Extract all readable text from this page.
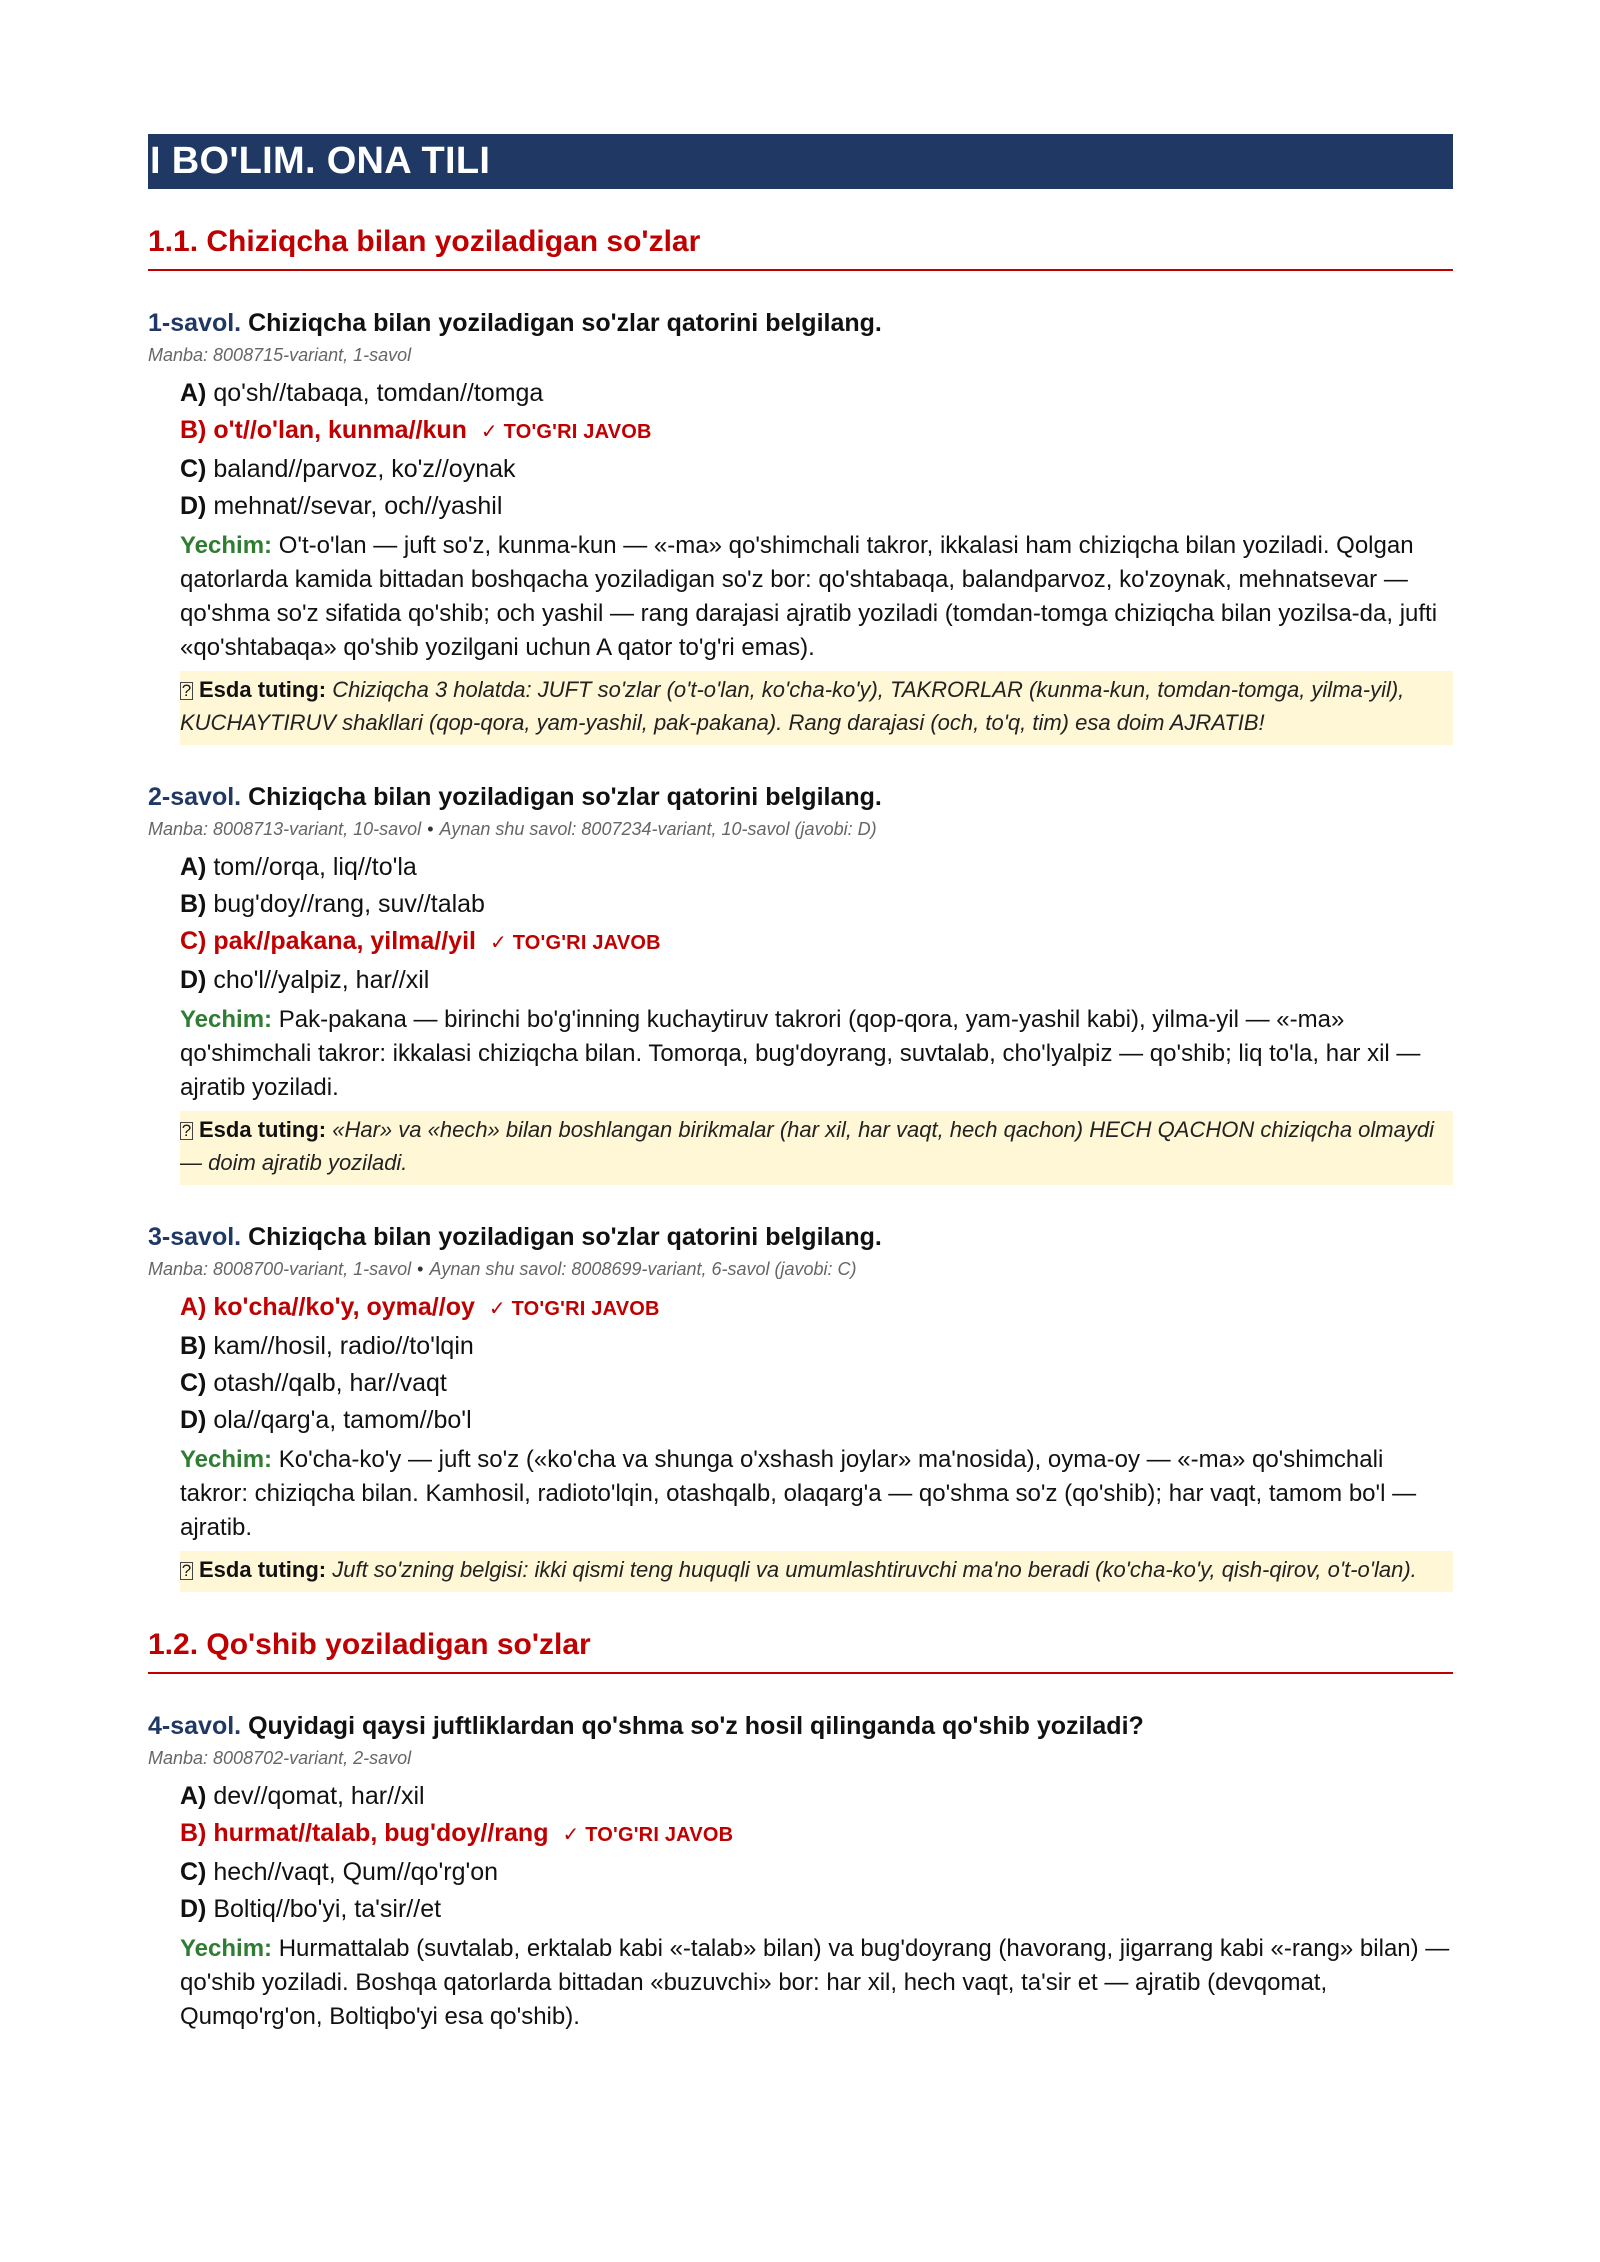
I BO'LIM. ONA TILI
1.1. Chiziqcha bilan yoziladigan so'zlar
1-savol. Chiziqcha bilan yoziladigan so'zlar qatorini belgilang.
Manba: 8008715-variant, 1-savol
A) qo'sh//tabaqa, tomdan//tomga
B) o't//o'lan, kunma//kun ✓ TO'G'RI JAVOB
C) baland//parvoz, ko'z//oynak
D) mehnat//sevar, och//yashil
Yechim: O't-o'lan — juft so'z, kunma-kun — «-ma» qo'shimchali takror, ikkalasi ham chiziqcha bilan yoziladi. Qolgan qatorlarda kamida bittadan boshqacha yoziladigan so'z bor: qo'shtabaqa, balandparvoz, ko'zoynak, mehnatsevar — qo'shma so'z sifatida qo'shib; och yashil — rang darajasi ajratib yoziladi (tomdan-tomga chiziqcha bilan yozilsa-da, jufti «qo'shtabaqa» qo'shib yozilgani uchun A qator to'g'ri emas).
? Esda tuting: Chiziqcha 3 holatda: JUFT so'zlar (o't-o'lan, ko'cha-ko'y), TAKRORLAR (kunma-kun, tomdan-tomga, yilma-yil), KUCHAYTIRUV shakllari (qop-qora, yam-yashil, pak-pakana). Rang darajasi (och, to'q, tim) esa doim AJRATIB!
2-savol. Chiziqcha bilan yoziladigan so'zlar qatorini belgilang.
Manba: 8008713-variant, 10-savol • Aynan shu savol: 8007234-variant, 10-savol (javobi: D)
A) tom//orqa, liq//to'la
B) bug'doy//rang, suv//talab
C) pak//pakana, yilma//yil ✓ TO'G'RI JAVOB
D) cho'l//yalpiz, har//xil
Yechim: Pak-pakana — birinchi bo'g'inning kuchaytiruv takrori (qop-qora, yam-yashil kabi), yilma-yil — «-ma» qo'shimchali takror: ikkalasi chiziqcha bilan. Tomorqa, bug'doyrang, suvtalab, cho'lyalpiz — qo'shib; liq to'la, har xil — ajratib yoziladi.
? Esda tuting: «Har» va «hech» bilan boshlangan birikmalar (har xil, har vaqt, hech qachon) HECH QACHON chiziqcha olmaydi — doim ajratib yoziladi.
3-savol. Chiziqcha bilan yoziladigan so'zlar qatorini belgilang.
Manba: 8008700-variant, 1-savol • Aynan shu savol: 8008699-variant, 6-savol (javobi: C)
A) ko'cha//ko'y, oyma//oy ✓ TO'G'RI JAVOB
B) kam//hosil, radio//to'lqin
C) otash//qalb, har//vaqt
D) ola//qarg'a, tamom//bo'l
Yechim: Ko'cha-ko'y — juft so'z («ko'cha va shunga o'xshash joylar» ma'nosida), oyma-oy — «-ma» qo'shimchali takror: chiziqcha bilan. Kamhosil, radioto'lqin, otashqalb, olaqarg'a — qo'shma so'z (qo'shib); har vaqt, tamom bo'l — ajratib.
? Esda tuting: Juft so'zning belgisi: ikki qismi teng huquqli va umumlashtiruvchi ma'no beradi (ko'cha-ko'y, qish-qirov, o't-o'lan).
1.2. Qo'shib yoziladigan so'zlar
4-savol. Quyidagi qaysi juftliklardan qo'shma so'z hosil qilinganda qo'shib yoziladi?
Manba: 8008702-variant, 2-savol
A) dev//qomat, har//xil
B) hurmat//talab, bug'doy//rang ✓ TO'G'RI JAVOB
C) hech//vaqt, Qum//qo'rg'on
D) Boltiq//bo'yi, ta'sir//et
Yechim: Hurmattalab (suvtalab, erktalab kabi «-talab» bilan) va bug'doyrang (havorang, jigarrang kabi «-rang» bilan) — qo'shib yoziladi. Boshqa qatorlarda bittadan «buzuvchi» bor: har xil, hech vaqt, ta'sir et — ajratib (devqomat, Qumqo'rg'on, Boltiqbo'yi esa qo'shib).
